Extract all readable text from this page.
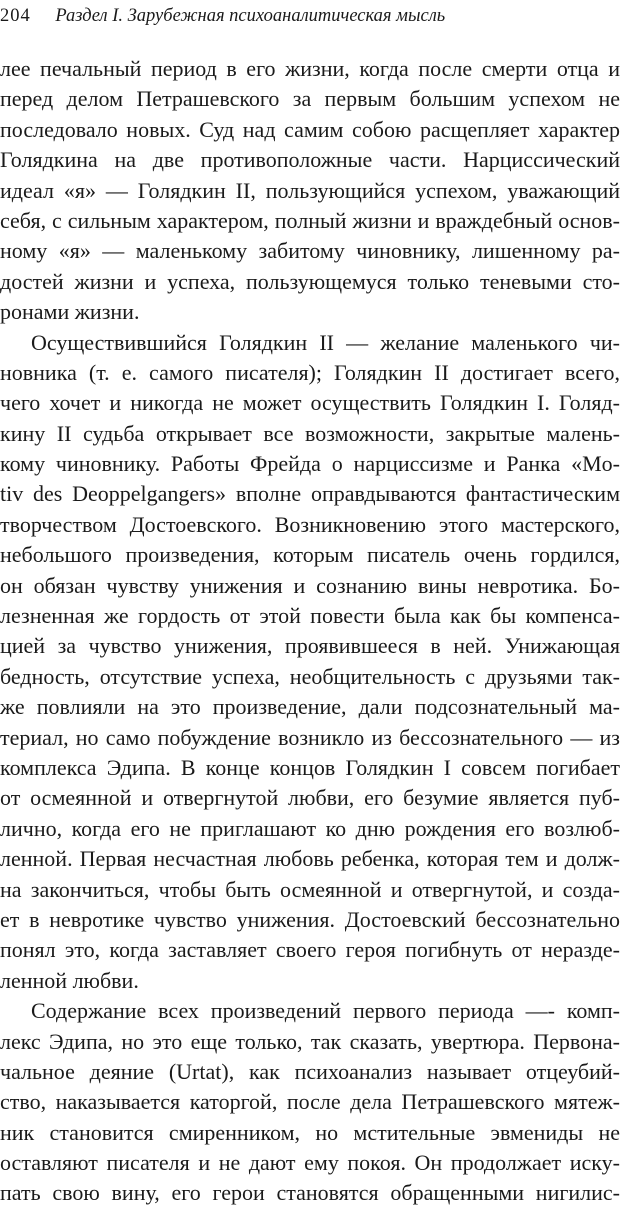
204 Раздел I. Зарубежная психоаналитическая мысль
лее печальный период в его жизни, когда после смерти отца и
перед делом Петрашевского за первым большим успехом не
последовало новых. Суд над самим собою расщепляет характер
Голядкина на две противоположные части. Нарциссический
идеал «я» — Голядкин II, пользующийся успехом, уважающий
себя, с сильным характером, полный жизни и враждебный основ-
ному «я» — маленькому забитому чиновнику, лишенному ра-
достей жизни и успеха, пользующемуся только теневыми сто-
ронами жизни.
Осуществившийся Голядкин II — желание маленького чи-
новника (т. е. самого писателя); Голядкин II достигает всего,
чего хочет и никогда не может осуществить Голядкин I. Голяд-
кину II судьба открывает все возможности, закрытые малень-
кому чиновнику. Работы Фрейда о нарциссизме и Ранка «Mo-
tiv des Deoppelgangers» вполне оправдываются фантастическим
творчеством Достоевского. Возникновению этого мастерского,
небольшого произведения, которым писатель очень гордился,
он обязан чувству унижения и сознанию вины невротика. Бо-
лезненная же гордость от этой повести была как бы компенса-
цией за чувство унижения, проявившееся в ней. Унижающая
бедность, отсутствие успеха, необщительность с друзьями так-
же повлияли на это произведение, дали подсознательный ма-
териал, но само побуждение возникло из бессознательного — из
комплекса Эдипа. В конце концов Голядкин I совсем погибает
от осмеянной и отвергнутой любви, его безумие является пуб-
лично, когда его не приглашают ко дню рождения его возлюб-
ленной. Первая несчастная любовь ребенка, которая тем и долж-
на закончиться, чтобы быть осмеянной и отвергнутой, и созда-
ет в невротике чувство унижения. Достоевский бессознательно
понял это, когда заставляет своего героя погибнуть от неразде-
ленной любви.
Содержание всех произведений первого периода —- комп-
лекс Эдипа, но это еще только, так сказать, увертюра. Первона-
чальное деяние (Urtat), как психоанализ называет отцеубий-
ство, наказывается каторгой, после дела Петрашевского мятеж-
ник становится смиренником, но мстительные эвмениды не
оставляют писателя и не дают ему покоя. Он продолжает иску-
пать свою вину, его герои становятся обращенными нигилис-
